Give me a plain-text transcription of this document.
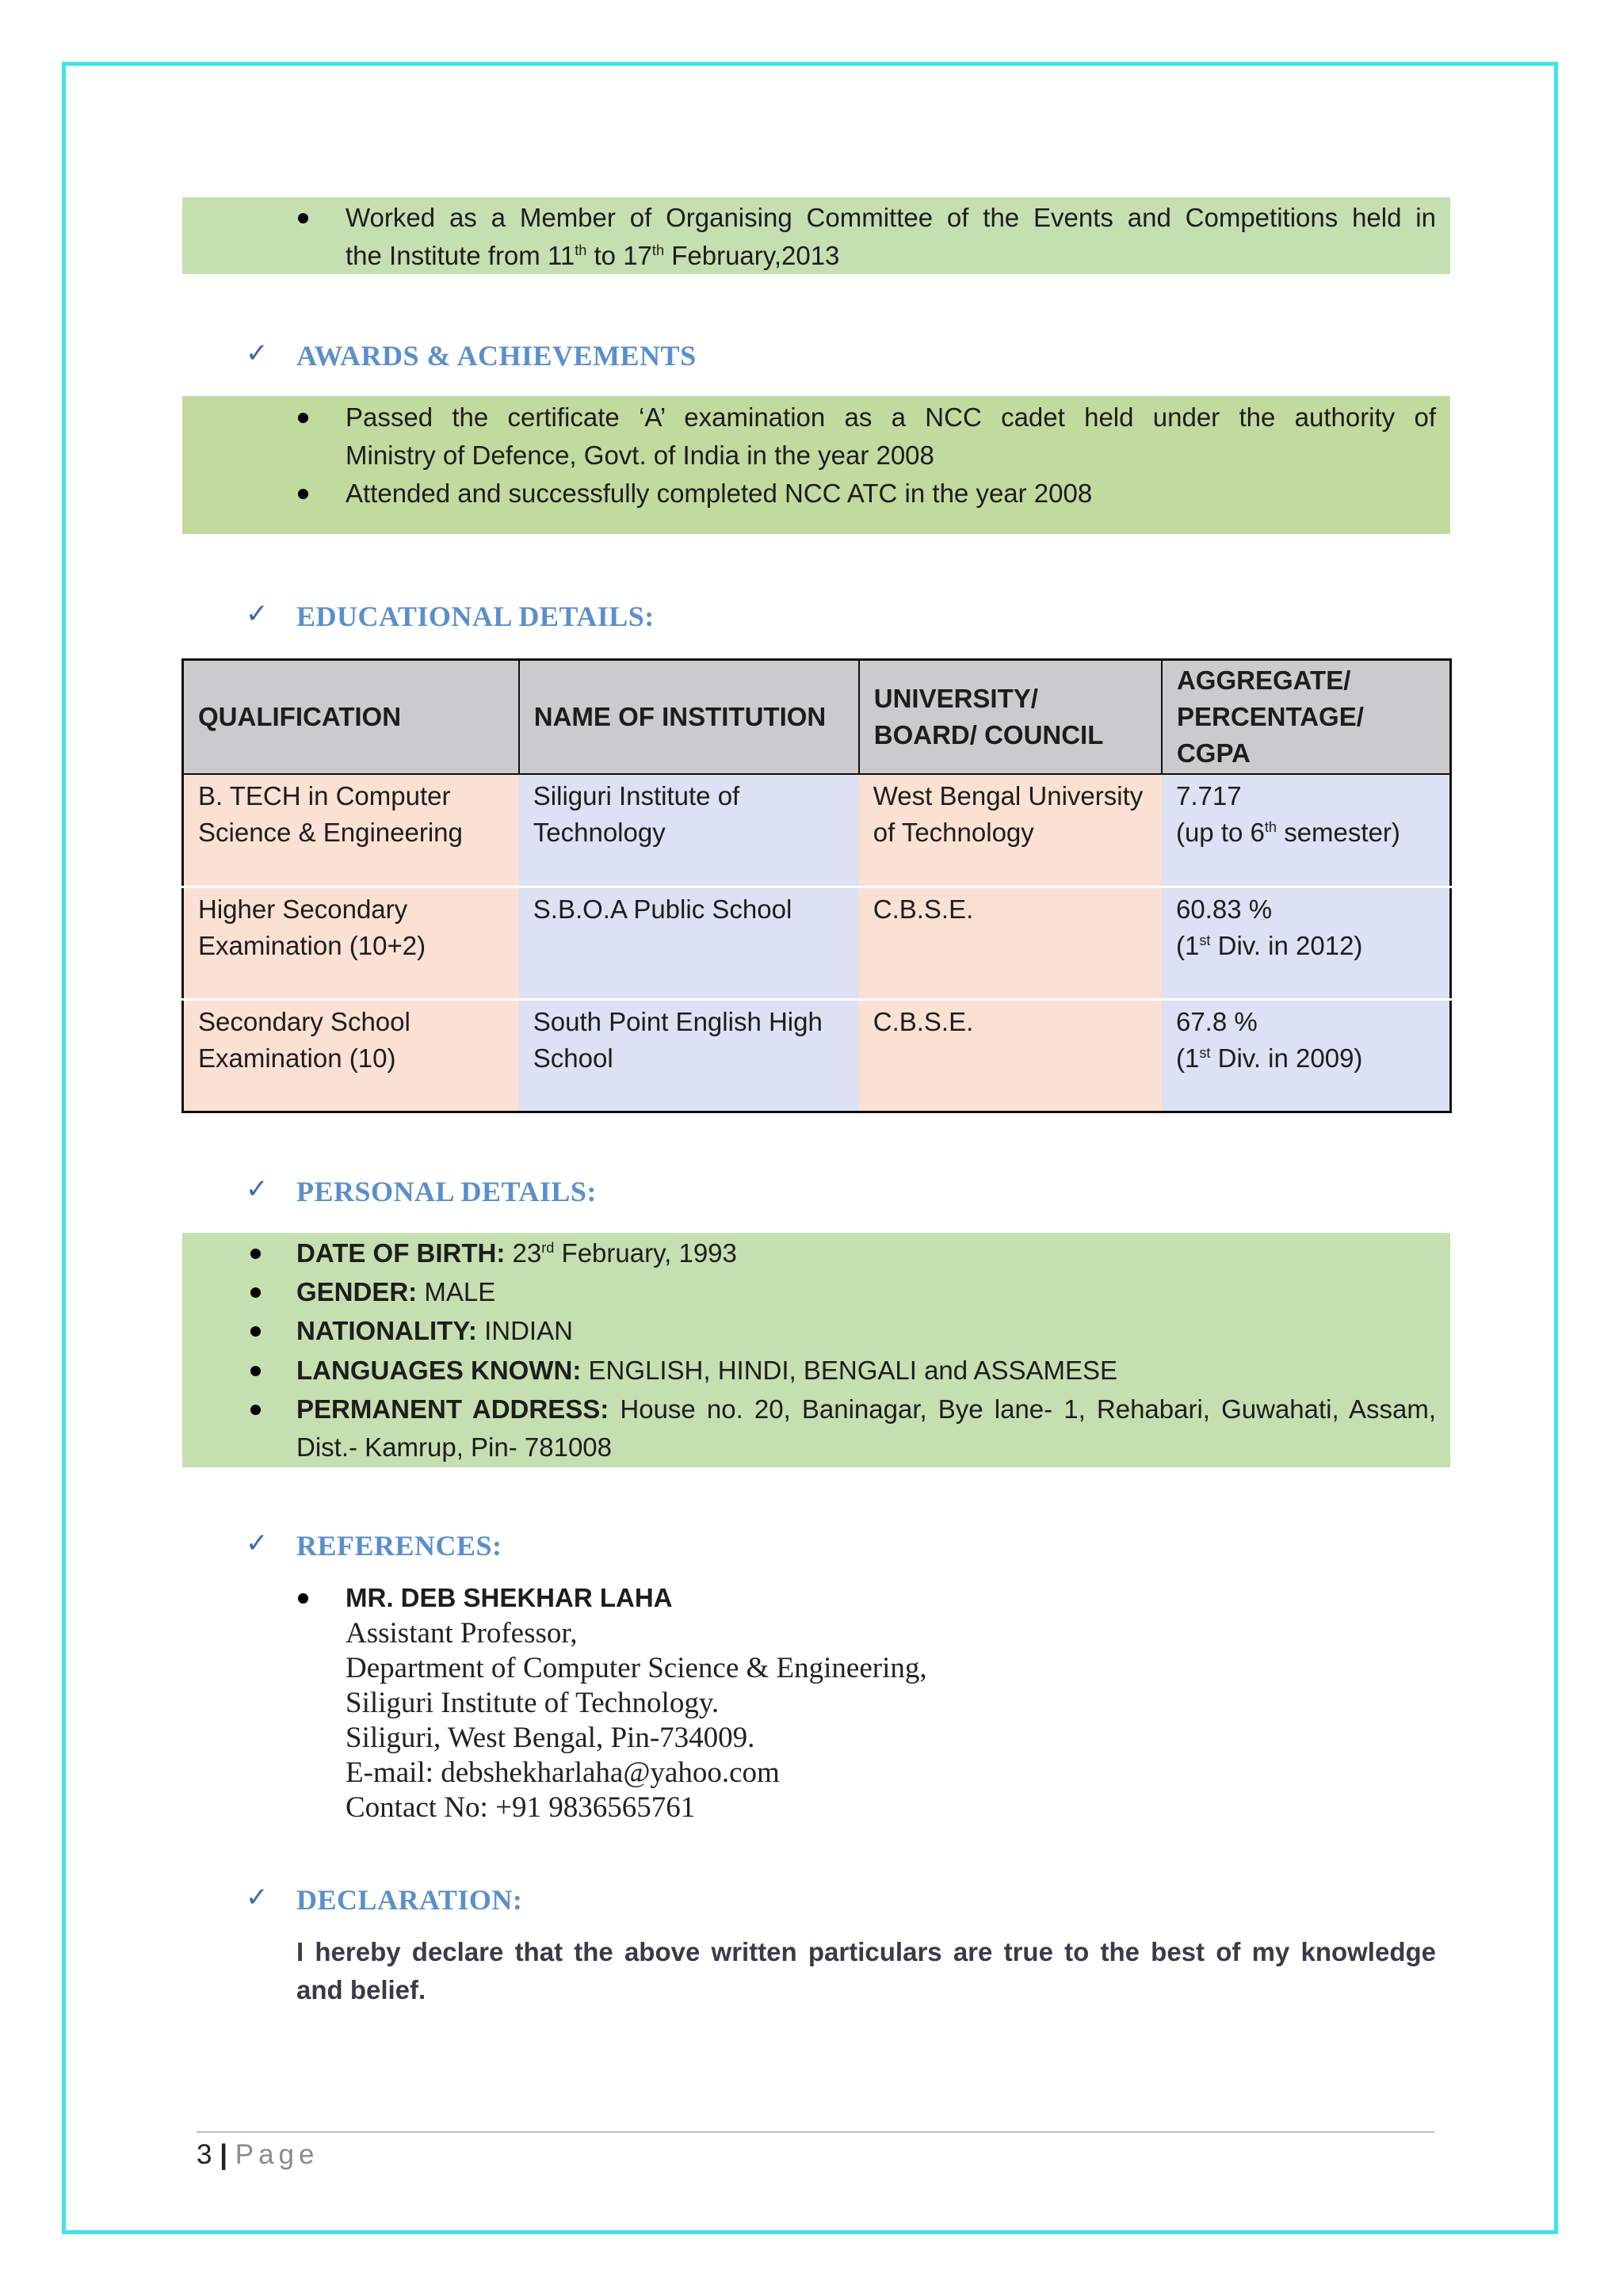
Worked as a Member of Organising Committee of the Events and Competitions held in
the Institute from 11th to 17th February,2013
✓ AWARDS & ACHIEVEMENTS
Passed the certificate ‘A’ examination as a NCC cadet held under the authority of
Ministry of Defence, Govt. of India in the year 2008
Attended and successfully completed NCC ATC in the year 2008
✓ EDUCATIONAL DETAILS:
QUALIFICATION	NAME OF INSTITUTION	UNIVERSITY/ BOARD/ COUNCIL	AGGREGATE/ PERCENTAGE/ CGPA
B. TECH in Computer Science & Engineering	Siliguri Institute of Technology	West Bengal University of Technology	7.717
(up to 6th semester)

Higher Secondary Examination (10+2)	S.B.O.A Public School	C.B.S.E.	60.83 %
(1st Div. in 2012)

Secondary School Examination (10)	South Point English High School	C.B.S.E.	67.8 %
(1st Div. in 2009)
✓ PERSONAL DETAILS:
DATE OF BIRTH: 23rd February, 1993
GENDER: MALE
NATIONALITY: INDIAN
LANGUAGES KNOWN: ENGLISH, HINDI, BENGALI and ASSAMESE
PERMANENT ADDRESS: House no. 20, Baninagar, Bye lane- 1, Rehabari, Guwahati, Assam,
Dist.- Kamrup, Pin- 781008
✓ REFERENCES:
MR. DEB SHEKHAR LAHA
Assistant Professor,
Department of Computer Science & Engineering,
Siliguri Institute of Technology.
Siliguri, West Bengal, Pin-734009.
E-mail: debshekharlaha@yahoo.com
Contact No: +91 9836565761
✓ DECLARATION:
I hereby declare that the above written particulars are true to the best of my knowledge
and belief.
3 | Page
